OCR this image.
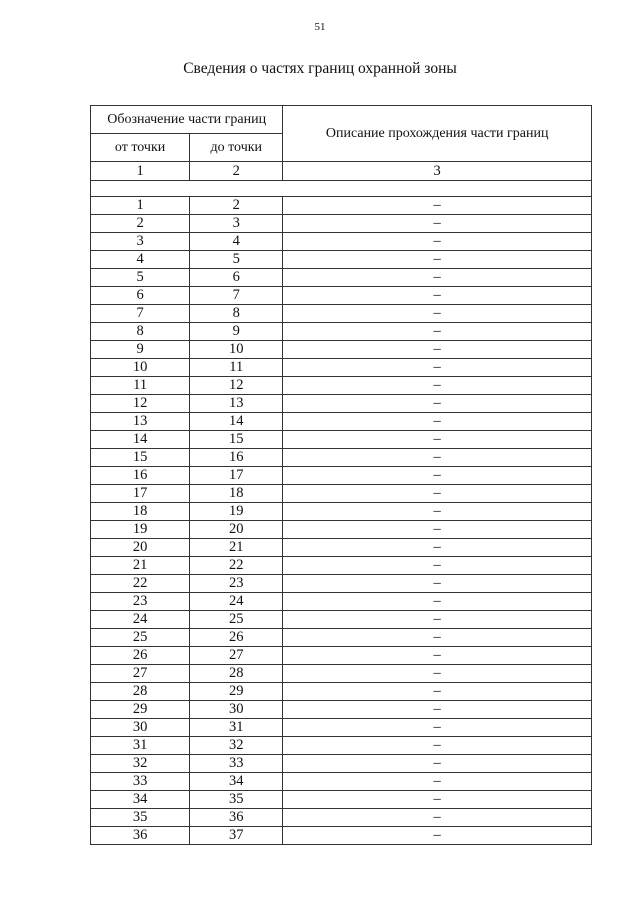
51
Сведения о частях границ охранной зоны
Обозначение части границ		Описание прохождения части границ
от точки	до точки	
1	2	3

1	2	–
2	3	–
3	4	–
4	5	–
5	6	–
6	7	–
7	8	–
8	9	–
9	10	–
10	11	–
11	12	–
12	13	–
13	14	–
14	15	–
15	16	–
16	17	–
17	18	–
18	19	–
19	20	–
20	21	–
21	22	–
22	23	–
23	24	–
24	25	–
25	26	–
26	27	–
27	28	–
28	29	–
29	30	–
30	31	–
31	32	–
32	33	–
33	34	–
34	35	–
35	36	–
36	37	–
